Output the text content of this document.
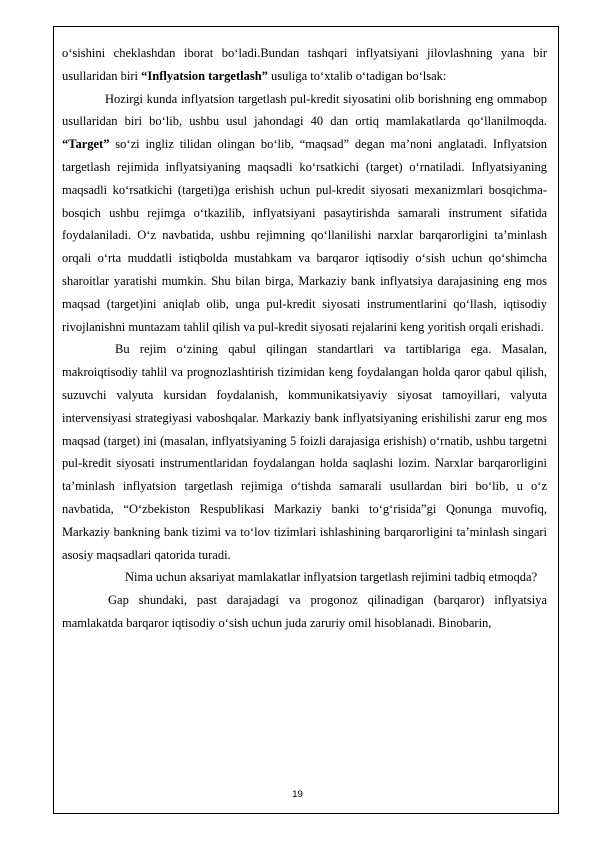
o‘sishini cheklashdan iborat bo‘ladi.Bundan tashqari inflyatsiyani jilovlashning yana bir usullaridan biri “Inflyatsion targetlash” usuliga to‘xtalib o‘tadigan bo‘lsak:

Hozirgi kunda inflyatsion targetlash pul-kredit siyosatini olib borishning eng ommabop usullaridan biri bo‘lib, ushbu usul jahondagi 40 dan ortiq mamlakatlarda qo‘llanilmoqda. “Target” so‘zi ingliz tilidan olingan bo‘lib, “maqsad” degan ma’noni anglatadi. Inflyatsion targetlash rejimida inflyatsiyaning maqsadli ko‘rsatkichi (target) o‘rnatiladi. Inflyatsiyaning maqsadli ko‘rsatkichi (targeti)ga erishish uchun pul-kredit siyosati mexanizmlari bosqichma-bosqich ushbu rejimga o‘tkazilib, inflyatsiyani pasaytirishda samarali instrument sifatida foydalaniladi. O‘z navbatida, ushbu rejimning qo‘llanilishi narxlar barqarorligini ta’minlash orqali o‘rta muddatli istiqbolda mustahkam va barqaror iqtisodiy o‘sish uchun qo‘shimcha sharoitlar yaratishi mumkin. Shu bilan birga, Markaziy bank inflyatsiya darajasining eng mos maqsad (target)ini aniqlab olib, unga pul-kredit siyosati instrumentlarini qo‘llash, iqtisodiy rivojlanishni muntazam tahlil qilish va pul-kredit siyosati rejalarini keng yoritish orqali erishadi.

Bu rejim o‘zining qabul qilingan standartlari va tartiblariga ega. Masalan, makroiqtisodiy tahlil va prognozlashtirish tizimidan keng foydalangan holda qaror qabul qilish, suzuvchi valyuta kursidan foydalanish, kommunikatsiyaviy siyosat tamoyillari, valyuta intervensiyasi strategiyasi vaboshqalar. Markaziy bank inflyatsiyaning erishilishi zarur eng mos maqsad (target) ini (masalan, inflyatsiyaning 5 foizli darajasiga erishish) o‘rnatib, ushbu targetni pul-kredit siyosati instrumentlaridan foydalangan holda saqlashi lozim. Narxlar barqarorligini ta’minlash inflyatsion targetlash rejimiga o‘tishda samarali usullardan biri bo‘lib, u o‘z navbatida, “O‘zbekiston Respublikasi Markaziy banki to‘g‘risida”gi Qonunga muvofiq, Markaziy bankning bank tizimi va to‘lov tizimlari ishlashining barqarorligini ta’minlash singari asosiy maqsadlari qatorida turadi.

Nima uchun aksariyat mamlakatlar inflyatsion targetlash rejimini tadbiq etmoqda?

Gap shundaki, past darajadagi va progonoz qilinadigan (barqaror) inflyatsiya mamlakatda barqaror iqtisodiy o‘sish uchun juda zaruriy omil hisoblanadi. Binobarin,

19
